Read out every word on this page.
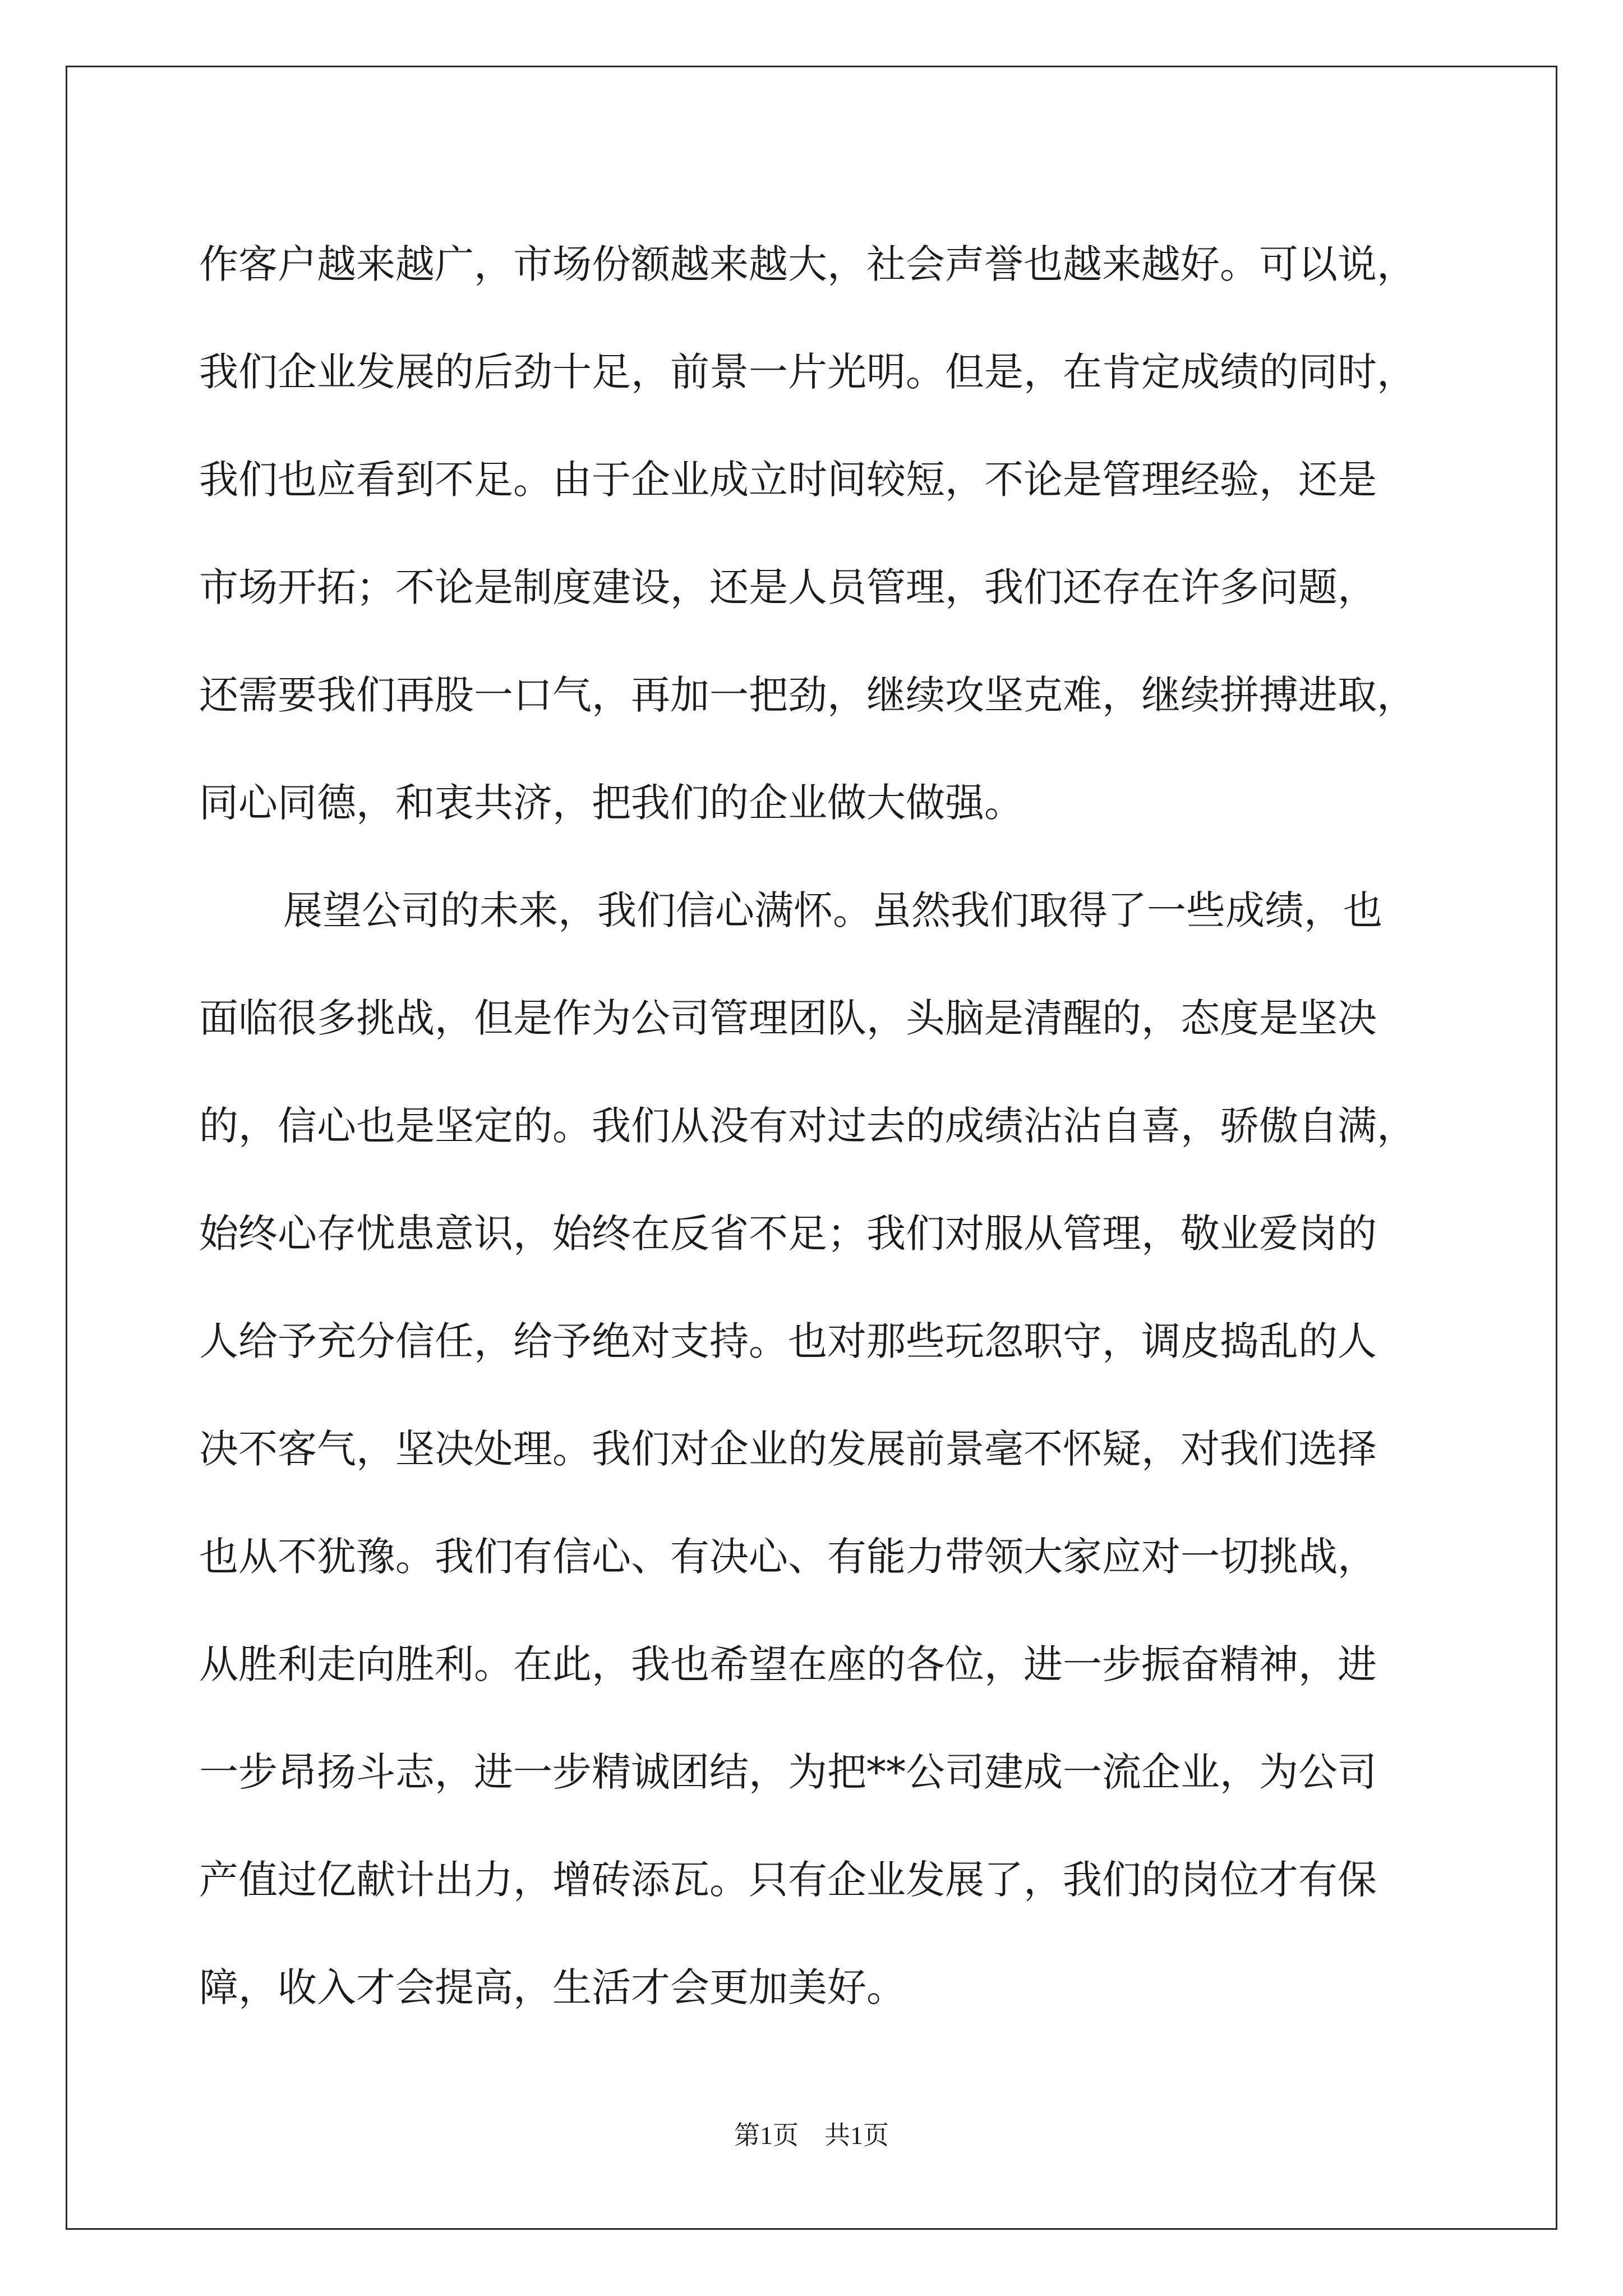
作客户越来越广，市场份额越来越大，社会声誉也越来越好。可以说，
我们企业发展的后劲十足，前景一片光明。但是，在肯定成绩的同时，
我们也应看到不足。由于企业成立时间较短，不论是管理经验，还是
市场开拓；不论是制度建设，还是人员管理，我们还存在许多问题，
还需要我们再股一口气，再加一把劲，继续攻坚克难，继续拼搏进取，
同心同德，和衷共济，把我们的企业做大做强。
展望公司的未来，我们信心满怀。虽然我们取得了一些成绩，也
面临很多挑战，但是作为公司管理团队，头脑是清醒的，态度是坚决
的，信心也是坚定的。我们从没有对过去的成绩沾沾自喜，骄傲自满，
始终心存忧患意识，始终在反省不足；我们对服从管理，敬业爱岗的
人给予充分信任，给予绝对支持。也对那些玩忽职守，调皮捣乱的人
决不客气，坚决处理。我们对企业的发展前景毫不怀疑，对我们选择
也从不犹豫。我们有信心、有决心、有能力带领大家应对一切挑战，
从胜利走向胜利。在此，我也希望在座的各位，进一步振奋精神，进
一步昂扬斗志，进一步精诚团结，为把**公司建成一流企业，为公司
产值过亿献计出力，增砖添瓦。只有企业发展了，我们的岗位才有保
障，收入才会提高，生活才会更加美好。
第1页　共1页
